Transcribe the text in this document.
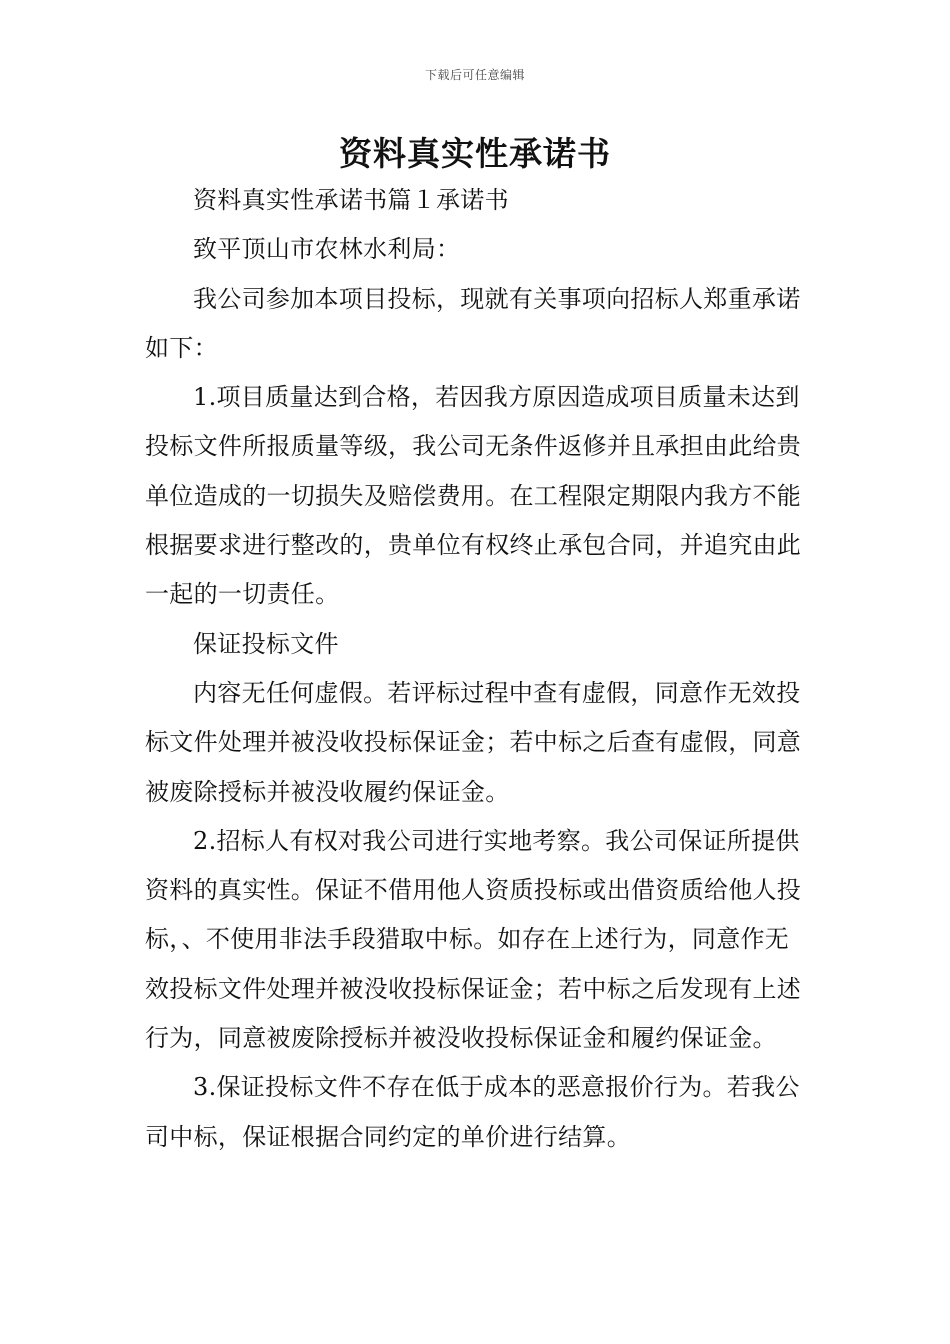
下载后可任意编辑
资料真实性承诺书

资料真实性承诺书篇１承诺书

致平顶山市农林水利局：

我公司参加本项目投标，现就有关事项向招标人郑重承诺如下：

1.项目质量达到合格，若因我方原因造成项目质量未达到投标文件所报质量等级，我公司无条件返修并且承担由此给贵单位造成的一切损失及赔偿费用。在工程限定期限内我方不能根据要求进行整改的，贵单位有权终止承包合同，并追究由此一起的一切责任。

保证投标文件

内容无任何虚假。若评标过程中查有虚假，同意作无效投标文件处理并被没收投标保证金；若中标之后查有虚假，同意被废除授标并被没收履约保证金。

2.招标人有权对我公司进行实地考察。我公司保证所提供资料的真实性。保证不借用他人资质投标或出借资质给他人投标，、不使用非法手段猎取中标。如存在上述行为，同意作无效投标文件处理并被没收投标保证金；若中标之后发现有上述行为，同意被废除授标并被没收投标保证金和履约保证金。

3.保证投标文件不存在低于成本的恶意报价行为。若我公司中标，保证根据合同约定的单价进行结算。
